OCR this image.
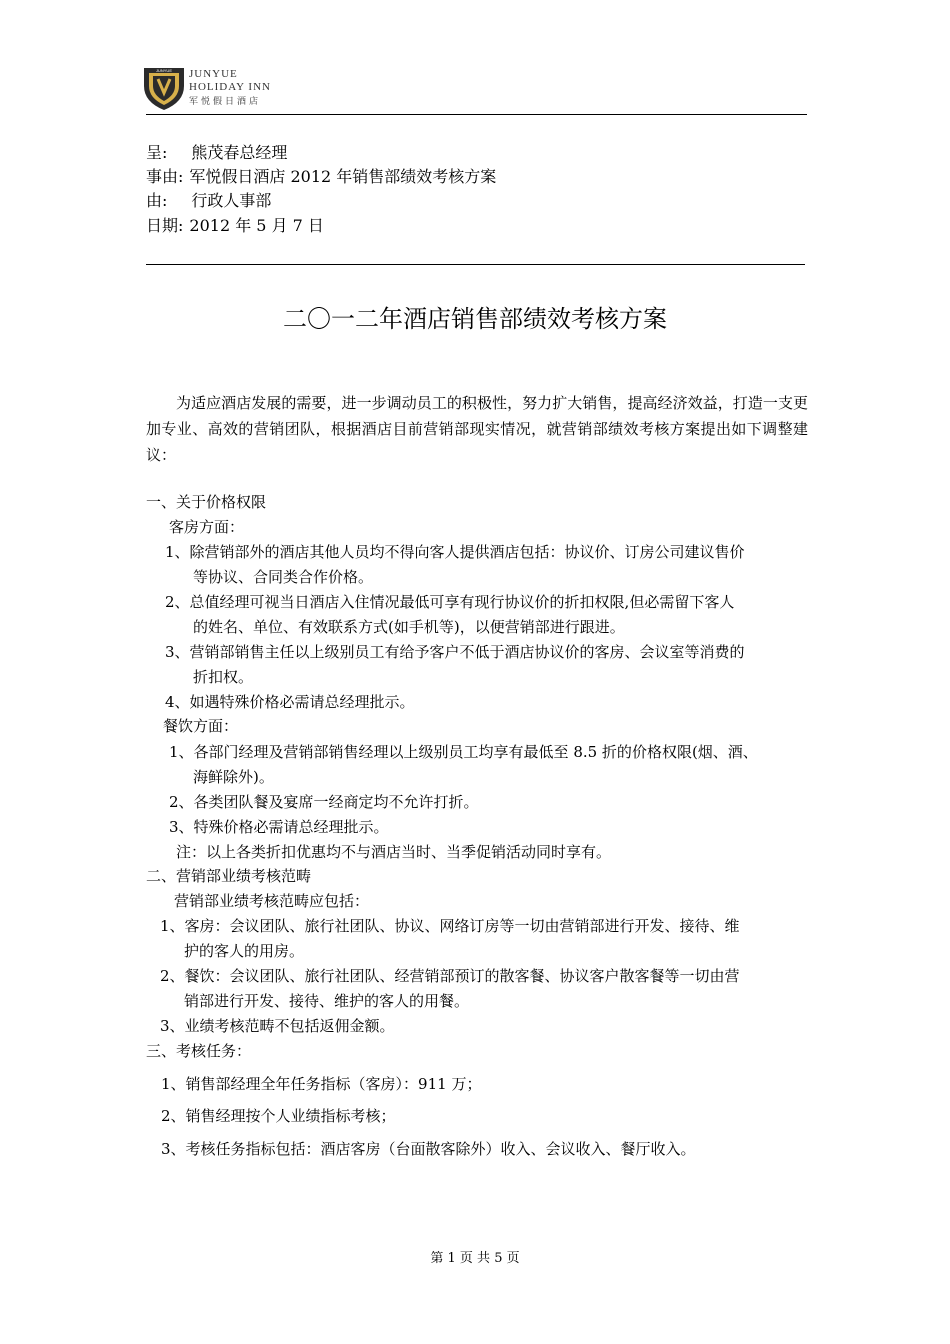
JUNYUE JUNYUE
HOLIDAY INN
军悦假日酒店
呈: 熊茂春总经理
事由: 军悦假日酒店 2012 年销售部绩效考核方案
由: 行政人事部
日期: 2012 年 5 月 7 日
二〇一二年酒店销售部绩效考核方案
为适应酒店发展的需要，进一步调动员工的积极性，努力扩大销售，提高经济效益，打造一支更加专业、高效的营销团队，根据酒店目前营销部现实情况，就营销部绩效考核方案提出如下调整建议：
一、关于价格权限
客房方面：
1、除营销部外的酒店其他人员均不得向客人提供酒店包括：协议价、订房公司建议售价
等协议、合同类合作价格。
2、总值经理可视当日酒店入住情况最低可享有现行协议价的折扣权限,但必需留下客人
的姓名、单位、有效联系方式(如手机等)，以便营销部进行跟进。
3、营销部销售主任以上级别员工有给予客户不低于酒店协议价的客房、会议室等消费的
折扣权。
4、如遇特殊价格必需请总经理批示。
餐饮方面：
1、各部门经理及营销部销售经理以上级别员工均享有最低至 8.5 折的价格权限(烟、酒、
海鲜除外)。
2、各类团队餐及宴席一经商定均不允许打折。
3、特殊价格必需请总经理批示。
注：以上各类折扣优惠均不与酒店当时、当季促销活动同时享有。
二、营销部业绩考核范畴
营销部业绩考核范畴应包括：
1、客房：会议团队、旅行社团队、协议、网络订房等一切由营销部进行开发、接待、维
护的客人的用房。
2、餐饮：会议团队、旅行社团队、经营销部预订的散客餐、协议客户散客餐等一切由营
销部进行开发、接待、维护的客人的用餐。
3、业绩考核范畴不包括返佣金额。
三、考核任务：
1、销售部经理全年任务指标（客房）：911 万；
2、销售经理按个人业绩指标考核；
3、考核任务指标包括：酒店客房（台面散客除外）收入、会议收入、餐厅收入。
第 1 页 共 5 页
